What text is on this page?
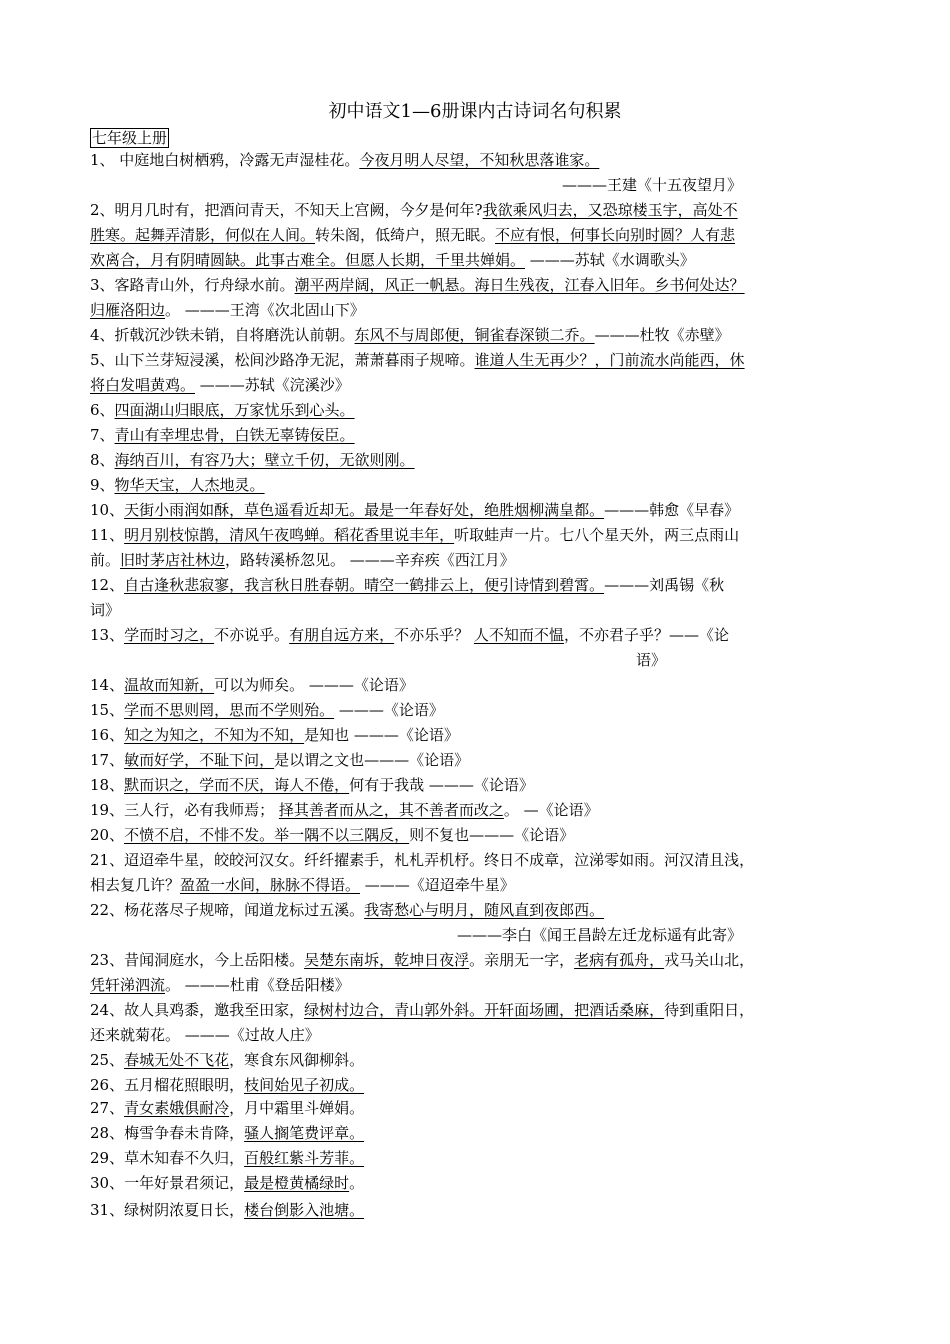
初中语文1—6册课内古诗词名句积累
七年级上册
1、 中庭地白树栖鸦，冷露无声湿桂花。今夜月明人尽望，不知秋思落谁家。
———王建《十五夜望月》
2、明月几时有，把酒问青天，不知天上宫阙，今夕是何年?我欲乘风归去，又恐琼楼玉宇，高处不
胜寒。起舞弄清影，何似在人间。转朱阁，低绮户，照无眠。不应有恨，何事长向别时圆？人有悲
欢离合，月有阴晴圆缺。此事古难全。但愿人长期，千里共婵娟。 ———苏轼《水调歌头》
3、客路青山外，行舟绿水前。潮平两岸阔，风正一帆悬。海日生残夜，江春入旧年。乡书何处达？
归雁洛阳边。 ———王湾《次北固山下》
4、折戟沉沙铁未销，自将磨洗认前朝。东风不与周郎便，铜雀春深锁二乔。———杜牧《赤壁》
5、山下兰芽短浸溪，松间沙路净无泥，萧萧暮雨子规啼。谁道人生无再少？，门前流水尚能西，休
将白发唱黄鸡。 ———苏轼《浣溪沙》
6、四面湖山归眼底，万家忧乐到心头。
7、青山有幸埋忠骨，白铁无辜铸佞臣。
8、海纳百川，有容乃大；壁立千仞，无欲则刚。
9、物华天宝，人杰地灵。
10、天街小雨润如酥，草色遥看近却无。最是一年春好处，绝胜烟柳满皇都。———韩愈《早春》
11、明月别枝惊鹊，清风午夜鸣蝉。稻花香里说丰年，听取蛙声一片。七八个星天外，两三点雨山
前。旧时茅店社林边，路转溪桥忽见。 ———辛弃疾《西江月》
12、自古逢秋悲寂寥，我言秋日胜春朝。晴空一鹤排云上，便引诗情到碧霄。———刘禹锡《秋
词》
13、学而时习之，不亦说乎。有朋自远方来，不亦乐乎？ 人不知而不愠，不亦君子乎？——《论
语》
14、温故而知新，可以为师矣。 ———《论语》
15、学而不思则罔，思而不学则殆。 ———《论语》
16、知之为知之，不知为不知，是知也 ———《论语》
17、敏而好学，不耻下问，是以谓之文也———《论语》
18、默而识之，学而不厌，诲人不倦，何有于我哉 ———《论语》
19、三人行，必有我师焉； 择其善者而从之，其不善者而改之。 —《论语》
20、不愤不启，不悱不发。举一隅不以三隅反，则不复也———《论语》
21、迢迢牵牛星，皎皎河汉女。纤纤擢素手，札札弄机杼。终日不成章，泣涕零如雨。河汉清且浅，
相去复几许？盈盈一水间，脉脉不得语。 ———《迢迢牵牛星》
22、杨花落尽子规啼，闻道龙标过五溪。我寄愁心与明月，随风直到夜郎西。
———李白《闻王昌龄左迁龙标遥有此寄》
23、昔闻洞庭水，今上岳阳楼。吴楚东南坼，乾坤日夜浮。亲朋无一字，老病有孤舟，戎马关山北，
凭轩涕泗流。 ———杜甫《登岳阳楼》
24、故人具鸡黍，邀我至田家，绿树村边合，青山郭外斜。开轩面场圃，把酒话桑麻，待到重阳日，
还来就菊花。 ———《过故人庄》
25、春城无处不飞花，寒食东风御柳斜。
26、五月榴花照眼明，枝间始见子初成。
27、青女素娥俱耐冷，月中霜里斗婵娟。
28、梅雪争春未肯降，骚人搁笔费评章。
29、草木知春不久归，百般红紫斗芳菲。
30、一年好景君须记，最是橙黄橘绿时。
31、绿树阴浓夏日长，楼台倒影入池塘。
